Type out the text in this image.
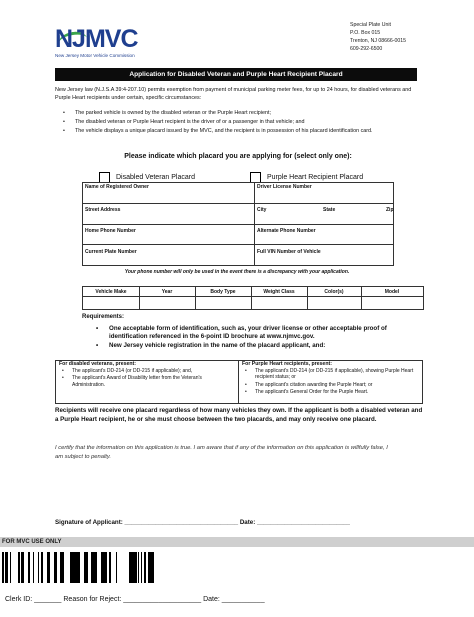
NJMVC
New Jersey Motor Vehicle Commission
Special Plate Unit
P.O. Box 015
Trenton, NJ 08666-0015
609-292-6500
Application for Disabled Veteran and Purple Heart Recipient Placard
New Jersey law (N.J.S.A 39:4-207.10) permits exemption from payment of municipal parking meter fees, for up to 24 hours, for disabled veterans and Purple Heart recipients under certain, specific circumstances:
• The parked vehicle is owned by the disabled veteran or the Purple Heart recipient;
• The disabled veteran or Purple Heart recipient is the driver of or a passenger in that vehicle; and
• The vehicle displays a unique placard issued by the MVC, and the recipient is in possession of his placard identification card.
Please indicate which placard you are applying for (select only one):
Disabled Veteran Placard	Purple Heart Recipient Placard
Name of Registered Owner	Driver License Number
Street Address	City	State	Zip
Home Phone Number	Alternate Phone Number
Current Plate Number	Full VIN Number of Vehicle
Your phone number will only be used in the event there is a discrepancy with your application.
Vehicle Make	Year	Body Type	Weight Class	Color(s)	Model
Requirements:
• One acceptable form of identification, such as, your driver license or other acceptable proof of identification referenced in the 6-point ID brochure at www.njmvc.gov.
• New Jersey vehicle registration in the name of the placard applicant, and:
For disabled veterans, present:	For Purple Heart recipients, present:
• The applicant's DD-214 (or DD-215 if applicable); and,
• The applicant's Award of Disability letter from the Veteran's Administration.
• The applicant's DD-214 (or DD-215 if applicable), showing Purple Heart recipient status; or
• The applicant's citation awarding the Purple Heart; or
• The applicant's General Order for the Purple Heart.
Recipients will receive one placard regardless of how many vehicles they own. If the applicant is both a disabled veteran and a Purple Heart recipient, he or she must choose between the two placards, and may only receive one placard.
I certify that the information on this application is true. I am aware that if any of the information on this application is willfully false, I am subject to penalty.
Signature of Applicant: _________________________________ Date: ___________________________
FOR MVC USE ONLY
Clerk ID: _______ Reason for Reject: ____________________ Date: ___________
